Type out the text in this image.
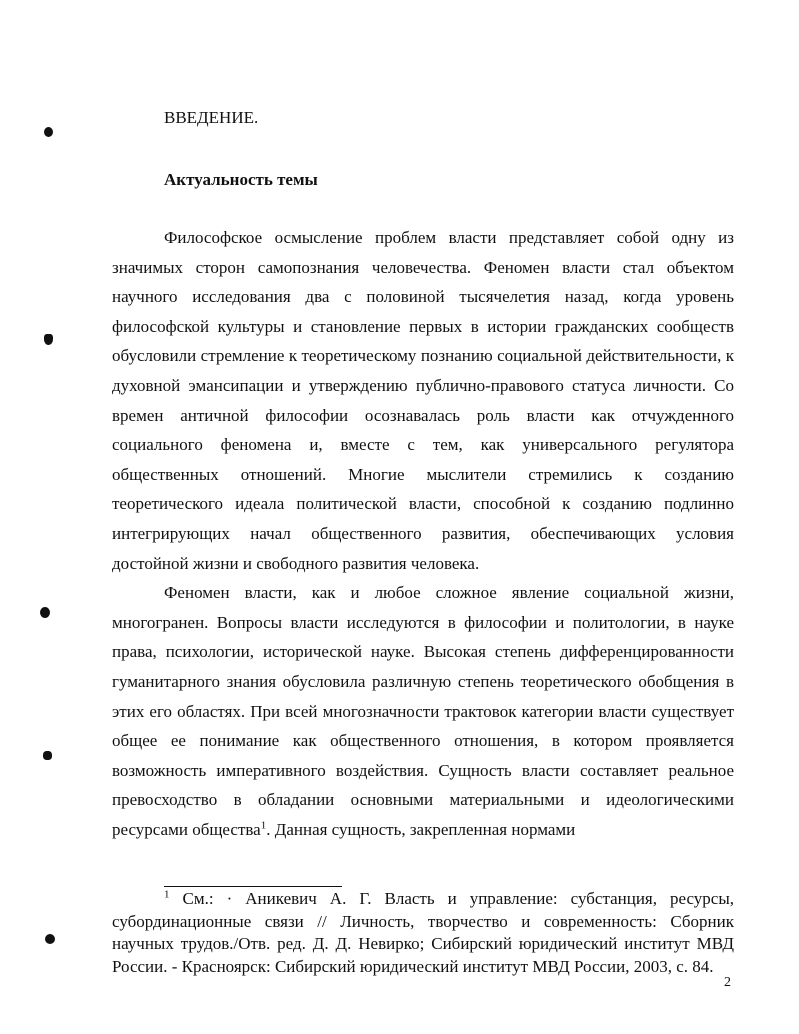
ВВЕДЕНИЕ.
Актуальность темы

Философское осмысление проблем власти представляет собой одну из значимых сторон самопознания человечества. Феномен власти стал объектом научного исследования два с половиной тысячелетия назад, когда уровень философской культуры и становление первых в истории гражданских сообществ обусловили стремление к теоретическому познанию социальной действительности, к духовной эмансипации и утверждению публично-правового статуса личности. Со времен античной философии осознавалась роль власти как отчужденного социального феномена и, вместе с тем, как универсального регулятора общественных отношений. Многие мыслители стремились к созданию теоретического идеала политической власти, способной к созданию подлинно интегрирующих начал общественного развития, обеспечивающих условия достойной жизни и свободного развития человека.

Феномен власти, как и любое сложное явление социальной жизни, многогранен. Вопросы власти исследуются в философии и политологии, в науке права, психологии, исторической науке. Высокая степень дифференцированности гуманитарного знания обусловила различную степень теоретического обобщения в этих его областях. При всей многозначности трактовок категории власти существует общее ее понимание как общественного отношения, в котором проявляется возможность императивного воздействия. Сущность власти составляет реальное превосходство в обладании основными материальными и идеологическими ресурсами общества$^1$. Данная сущность, закрепленная нормами

$^1$ См.: · Аникевич А. Г. Власть и управление: субстанция, ресурсы, субординационные связи // Личность, творчество и современность: Сборник научных трудов./Отв. ред. Д. Д. Невирко; Сибирский юридический институт МВД России. - Красноярск: Сибирский юридический институт МВД России, 2003, с. 84.

2
